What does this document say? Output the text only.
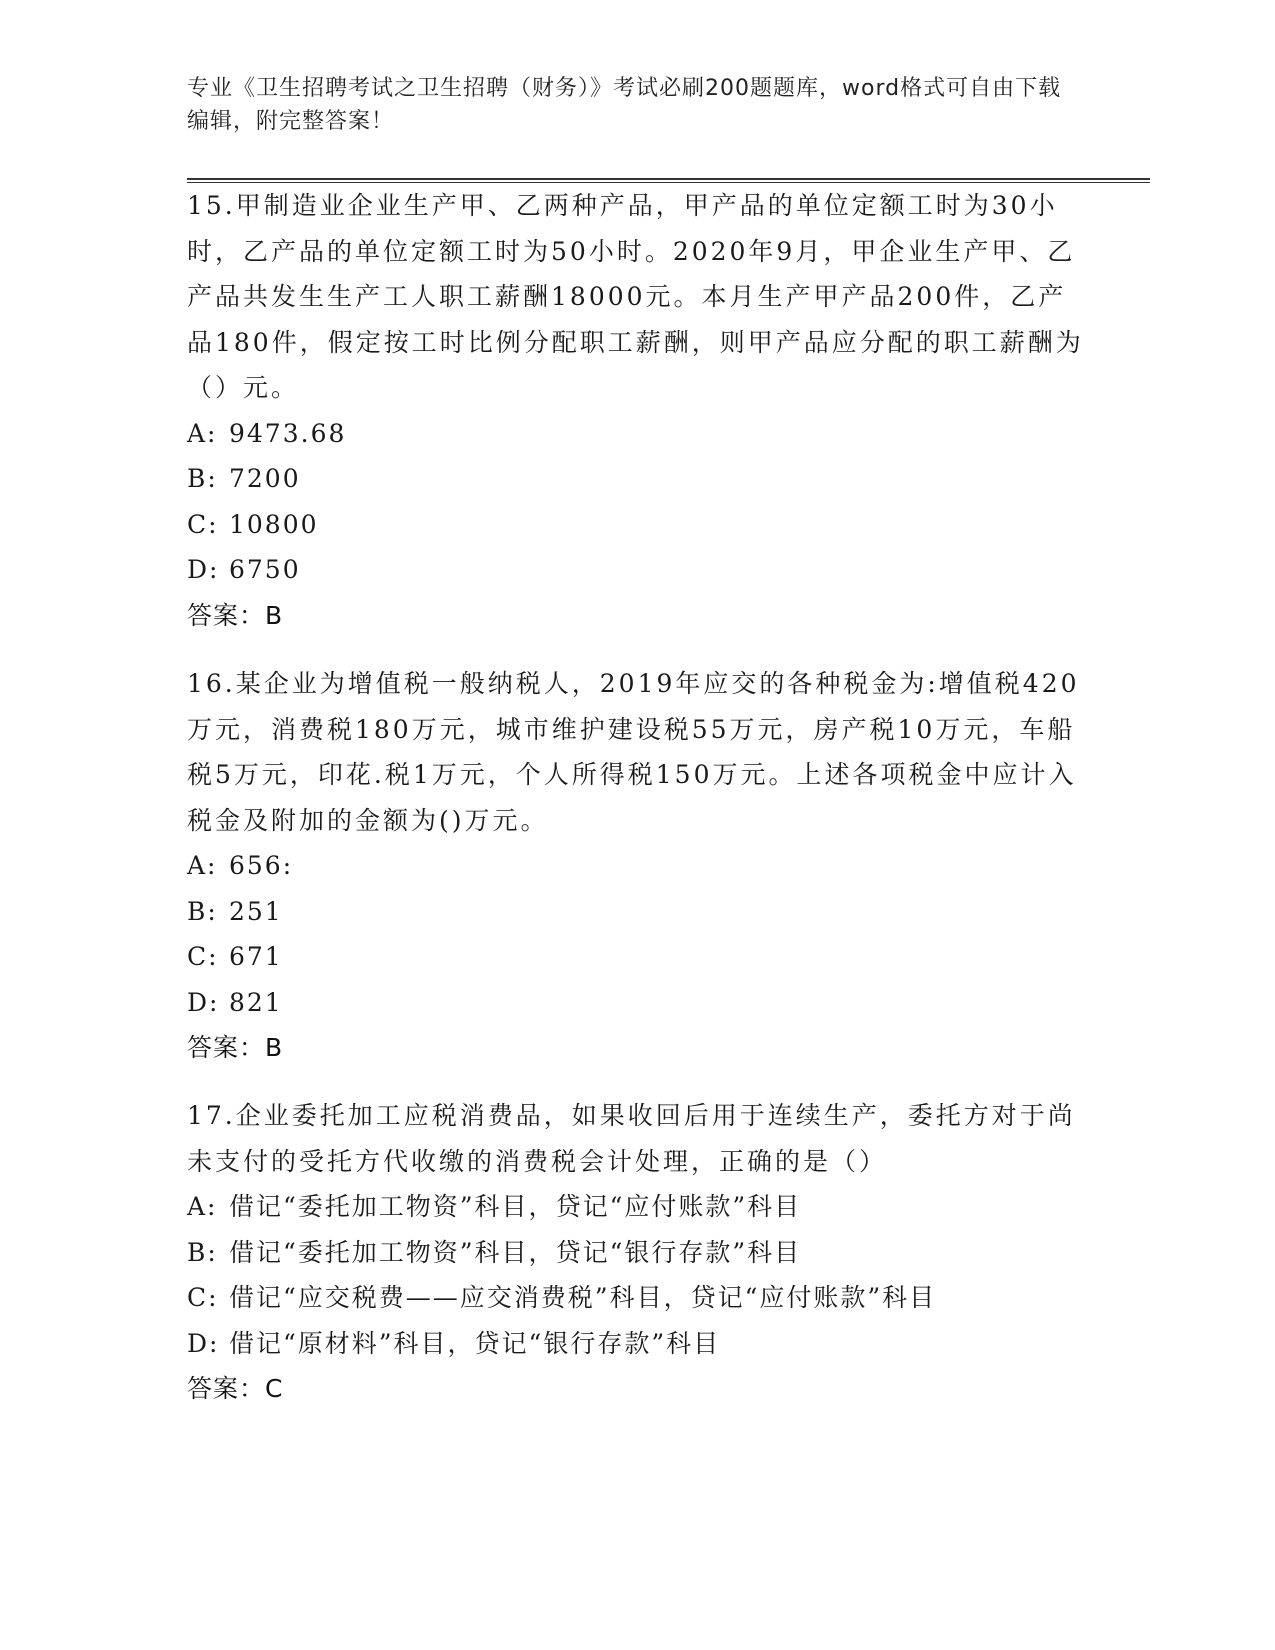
专业《卫生招聘考试之卫生招聘（财务）》考试必刷200题题库，word格式可自由下载编辑，附完整答案！

15.甲制造业企业生产甲、乙两种产品，甲产品的单位定额工时为30小时，乙产品的单位定额工时为50小时。2020年9月，甲企业生产甲、乙产品共发生生产工人职工薪酬18000元。本月生产甲产品200件，乙产品180件，假定按工时比例分配职工薪酬，则甲产品应分配的职工薪酬为（）元。

A: 9473.68

B: 7200

C: 10800

D: 6750

答案：B

16.某企业为增值税一般纳税人，2019年应交的各种税金为:增值税420万元，消费税180万元，城市维护建设税55万元，房产税10万元，车船税5万元，印花.税1万元，个人所得税150万元。上述各项税金中应计入税金及附加的金额为()万元。

A: 656:

B: 251

C: 671

D: 821

答案：B

17.企业委托加工应税消费品，如果收回后用于连续生产，委托方对于尚未支付的受托方代收缴的消费税会计处理，正确的是（）

A: 借记“委托加工物资”科目，贷记“应付账款”科目

B: 借记“委托加工物资”科目，贷记“银行存款”科目

C: 借记“应交税费——应交消费税”科目，贷记“应付账款”科目

D: 借记“原材料”科目，贷记“银行存款”科目

答案：C
